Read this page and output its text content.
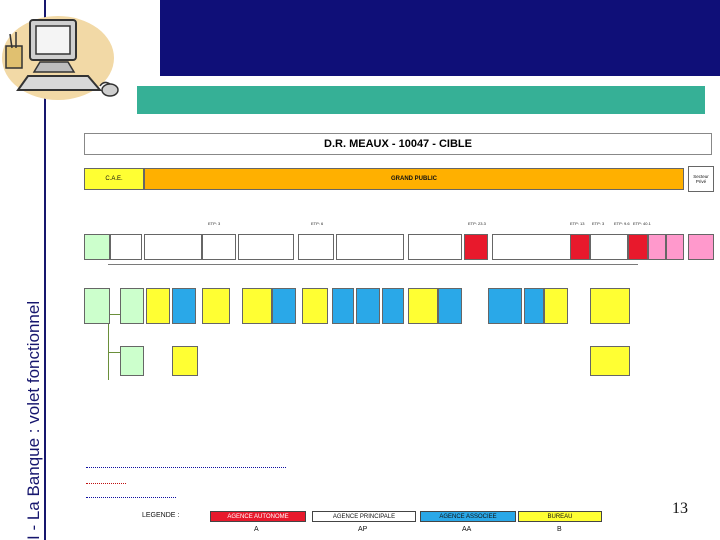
I - La Banque : volet fonctionnel
D.R. MEAUX - 10047 - CIBLE
C.A.E.	GRAND PUBLIC	Secteur Privé
ETP: 3	ETP: 6	ETP: 23.3	ETP: 13 ETP: 3 ETP: 9.6 ETP: 40.1
LEGENDE :	AGENCE AUTONOME	AGENCE PRINCIPALE	AGENCE ASSOCIEE	BUREAU
A	AP	AA	B
13
